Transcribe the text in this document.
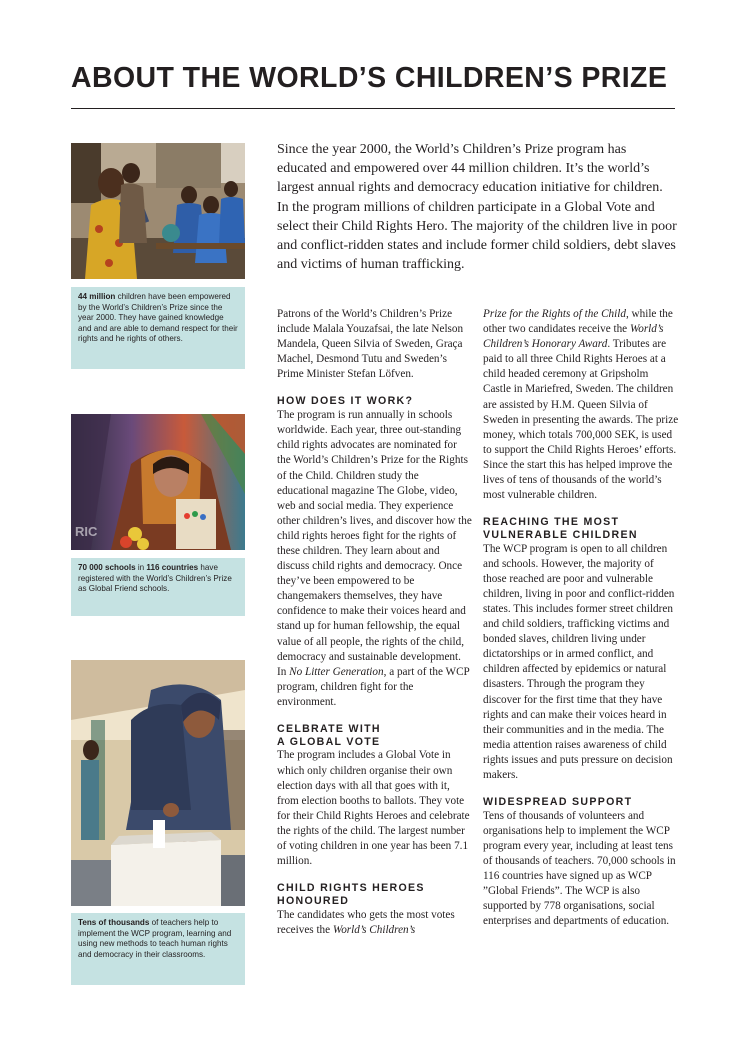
ABOUT THE WORLD’S CHILDREN’S PRIZE

Since the year 2000, the World’s Children’s Prize program has educated and empowered over 44 million children. It’s the world’s largest annual rights and democracy education initiative for children. In the program millions of children participate in a Global Vote and select their Child Rights Hero. The majority of the children live in poor and conflict-ridden states and include former child soldiers, debt slaves and victims of human trafficking.

44 million children have been empowered by the World’s Children’s Prize since the year 2000. They have gained knowledge and and are able to demand respect for their rights and he rights of others.
RIC
70 000 schools in 116 countries have registered with the World’s Children’s Prize as Global Friend schools.
Tens of thousands of teachers help to implement the WCP program, learning and using new methods to teach human rights and democracy in their classrooms.

Patrons of the World’s Children’s Prize include Malala Youzafsai, the late Nelson Mandela, Queen Silvia of Sweden, Graça Machel, Desmond Tutu and Sweden’s Prime Minister Stefan Löfven.

HOW DOES IT WORK?

The program is run annually in schools worldwide. Each year, three out-standing child rights advocates are nominated for the World’s Children’s Prize for the Rights of the Child. Children study the educational magazine The Globe, video, web and social media. They experience other children’s lives, and discover how the child rights heroes fight for the rights of these children. They learn about and discuss child rights and democracy. Once they’ve been empowered to be changemakers themselves, they have confidence to make their voices heard and stand up for human fellowship, the equal value of all people, the rights of the child, democracy and sustainable development. In No Litter Generation, a part of the WCP program, children fight for the environment.

CELBRATE WITH
A GLOBAL VOTE

The program includes a Global Vote in which only children organise their own election days with all that goes with it, from election booths to ballots. They vote for their Child Rights Heroes and celebrate the rights of the child. The largest number of voting children in one year has been 7.1 million.

CHILD RIGHTS HEROES
HONOURED

The candidates who gets the most votes receives the World’s Children’s

Prize for the Rights of the Child, while the other two candidates receive the World’s Children’s Honorary Award. Tributes are paid to all three Child Rights Heroes at a child headed ceremony at Gripsholm Castle in Mariefred, Sweden. The children are assisted by H.M. Queen Silvia of Sweden in presenting the awards. The prize money, which totals 700,000 SEK, is used to support the Child Rights Heroes’ efforts. Since the start this has helped improve the lives of tens of thousands of the world’s most vulnerable children.

REACHING THE MOST
VULNERABLE CHILDREN

The WCP program is open to all children and schools. However, the majority of those reached are poor and vulnerable children, living in poor and conflict-ridden states. This includes former street children and child soldiers, trafficking victims and bonded slaves, children living under dictatorships or in armed conflict, and children affected by epidemics or natural disasters. Through the program they discover for the first time that they have rights and can make their voices heard in their communities and in the media. The media attention raises awareness of child rights issues and puts pressure on decision makers.

WIDESPREAD SUPPORT

Tens of thousands of volunteers and organisations help to implement the WCP program every year, including at least tens of thousands of teachers. 70,000 schools in 116 countries have signed up as WCP ”Global Friends”. The WCP is also supported by 778 organisations, social enterprises and departments of education.
